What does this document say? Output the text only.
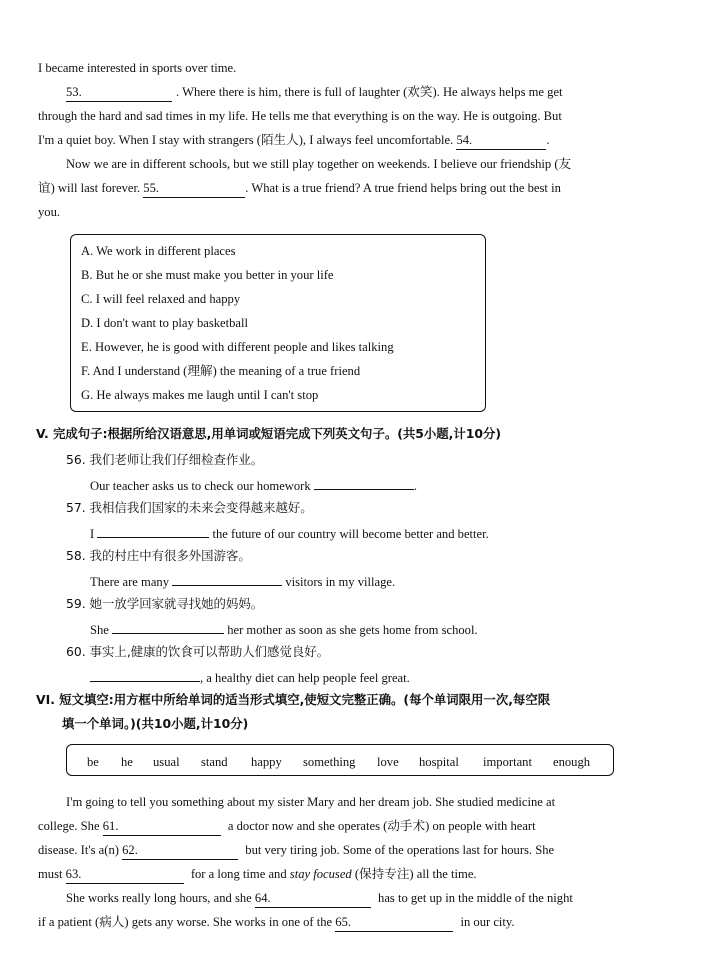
I became interested in sports over time.
53.	. Where there is him, there is full of laughter (欢笑). He always helps me get
through the hard and sad times in my life. He tells me that everything is on the way. He is outgoing. But
I'm a quiet boy. When I stay with strangers (陌生人), I always feel uncomfortable. 54.	.
Now we are in different schools, but we still play together on weekends. I believe our friendship (友
谊) will last forever. 55.	. What is a true friend? A true friend helps bring out the best in
you.
A. We work in different places
B. But he or she must make you better in your life
C. I will feel relaxed and happy
D. I don't want to play basketball
E. However, he is good with different people and likes talking
F. And I understand (理解) the meaning of a true friend
G. He always makes me laugh until I can't stop
V. 完成句子:根据所给汉语意思,用单词或短语完成下列英文句子。(共5小题,计10分)
56. 我们老师让我们仔细检查作业。
Our teacher asks us to check our homework	.
57. 我相信我们国家的未来会变得越来越好。
I	the future of our country will become better and better.
58. 我的村庄中有很多外国游客。
There are many	visitors in my village.
59. 她一放学回家就寻找她的妈妈。
She	her mother as soon as she gets home from school.
60. 事实上,健康的饮食可以帮助人们感觉良好。
, a healthy diet can help people feel great.
VI. 短文填空:用方框中所给单词的适当形式填空,使短文完整正确。(每个单词限用一次,每空限
填一个单词。)(共10小题,计10分)
be he usual stand happy something love hospital important enough
I'm going to tell you something about my sister Mary and her dream job. She studied medicine at
college. She 61.	a doctor now and she operates (动手术) on people with heart
disease. It's a(n) 62.	but very tiring job. Some of the operations last for hours. She
must 63.	for a long time and stay focused (保持专注) all the time.
She works really long hours, and she 64.	has to get up in the middle of the night
if a patient (病人) gets any worse. She works in one of the 65.	in our city.
